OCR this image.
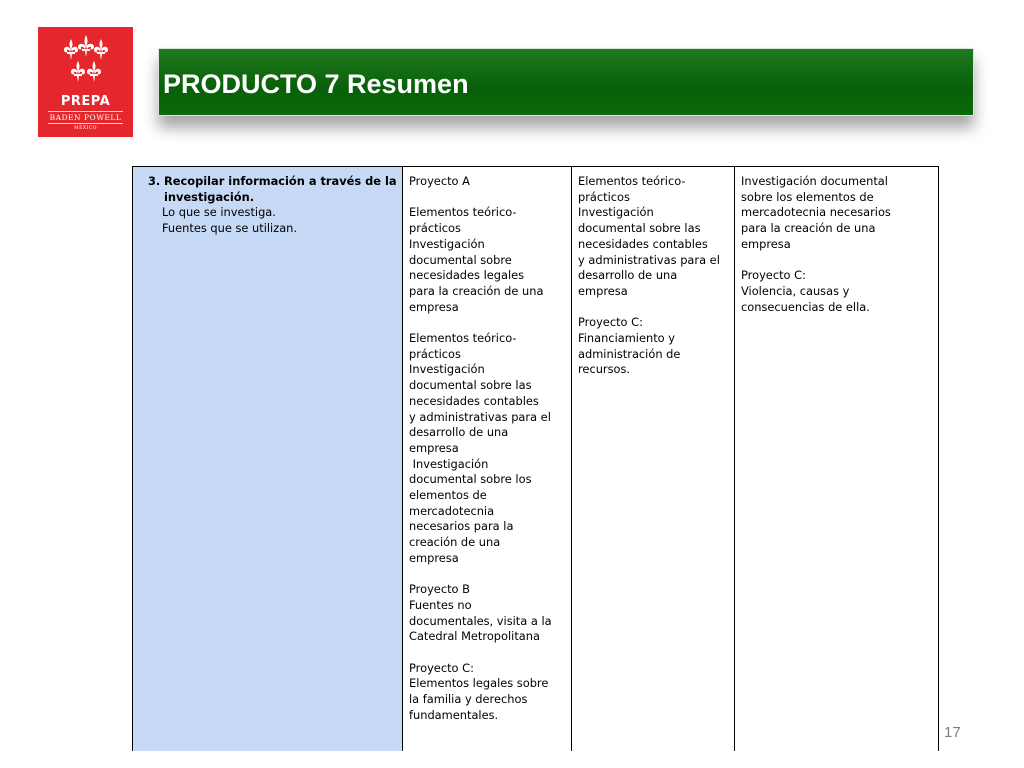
PREPA
BADEN POWELL
MÉXICO
PRODUCTO 7 Resumen
3. Recopilar información a través de la
investigación.
Lo que se investiga.
Fuentes que se utilizan.

Proyecto A

Elementos teórico-
prácticos
Investigación
documental sobre
necesidades legales
para la creación de una
empresa

Elementos teórico-
prácticos
Investigación
documental sobre las
necesidades contables
y administrativas para el
desarrollo de una
empresa
Investigación
documental sobre los
elementos de
mercadotecnia
necesarios para la
creación de una
empresa

Proyecto B
Fuentes no
documentales, visita a la
Catedral Metropolitana

Proyecto C:
Elementos legales sobre
la familia y derechos
fundamentales.

Elementos teórico-
prácticos
Investigación
documental sobre las
necesidades contables
y administrativas para el
desarrollo de una
empresa

Proyecto C:
Financiamiento y
administración de
recursos.

Investigación documental
sobre los elementos de
mercadotecnia necesarios
para la creación de una
empresa

Proyecto C:
Violencia, causas y
consecuencias de ella.

17
